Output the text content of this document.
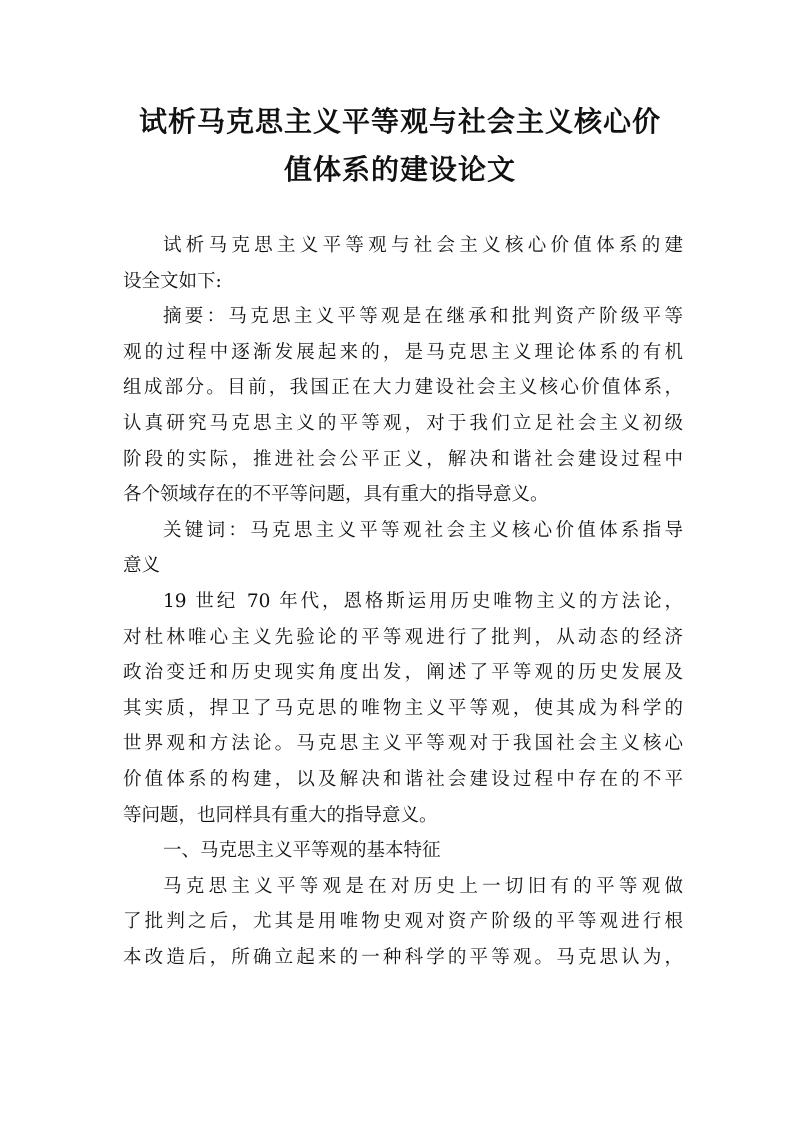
试析马克思主义平等观与社会主义核心价
值体系的建设论文
试析马克思主义平等观与社会主义核心价值体系的建
设全文如下:
摘要：马克思主义平等观是在继承和批判资产阶级平等
观的过程中逐渐发展起来的，是马克思主义理论体系的有机
组成部分。目前，我国正在大力建设社会主义核心价值体系，
认真研究马克思主义的平等观，对于我们立足社会主义初级
阶段的实际，推进社会公平正义，解决和谐社会建设过程中
各个领域存在的不平等问题，具有重大的指导意义。
关键词：马克思主义平等观社会主义核心价值体系指导
意义
19 世纪 70 年代，恩格斯运用历史唯物主义的方法论，
对杜林唯心主义先验论的平等观进行了批判，从动态的经济
政治变迁和历史现实角度出发，阐述了平等观的历史发展及
其实质，捍卫了马克思的唯物主义平等观，使其成为科学的
世界观和方法论。马克思主义平等观对于我国社会主义核心
价值体系的构建，以及解决和谐社会建设过程中存在的不平
等问题，也同样具有重大的指导意义。
一、马克思主义平等观的基本特征
马克思主义平等观是在对历史上一切旧有的平等观做
了批判之后，尤其是用唯物史观对资产阶级的平等观进行根
本改造后，所确立起来的一种科学的平等观。马克思认为，
